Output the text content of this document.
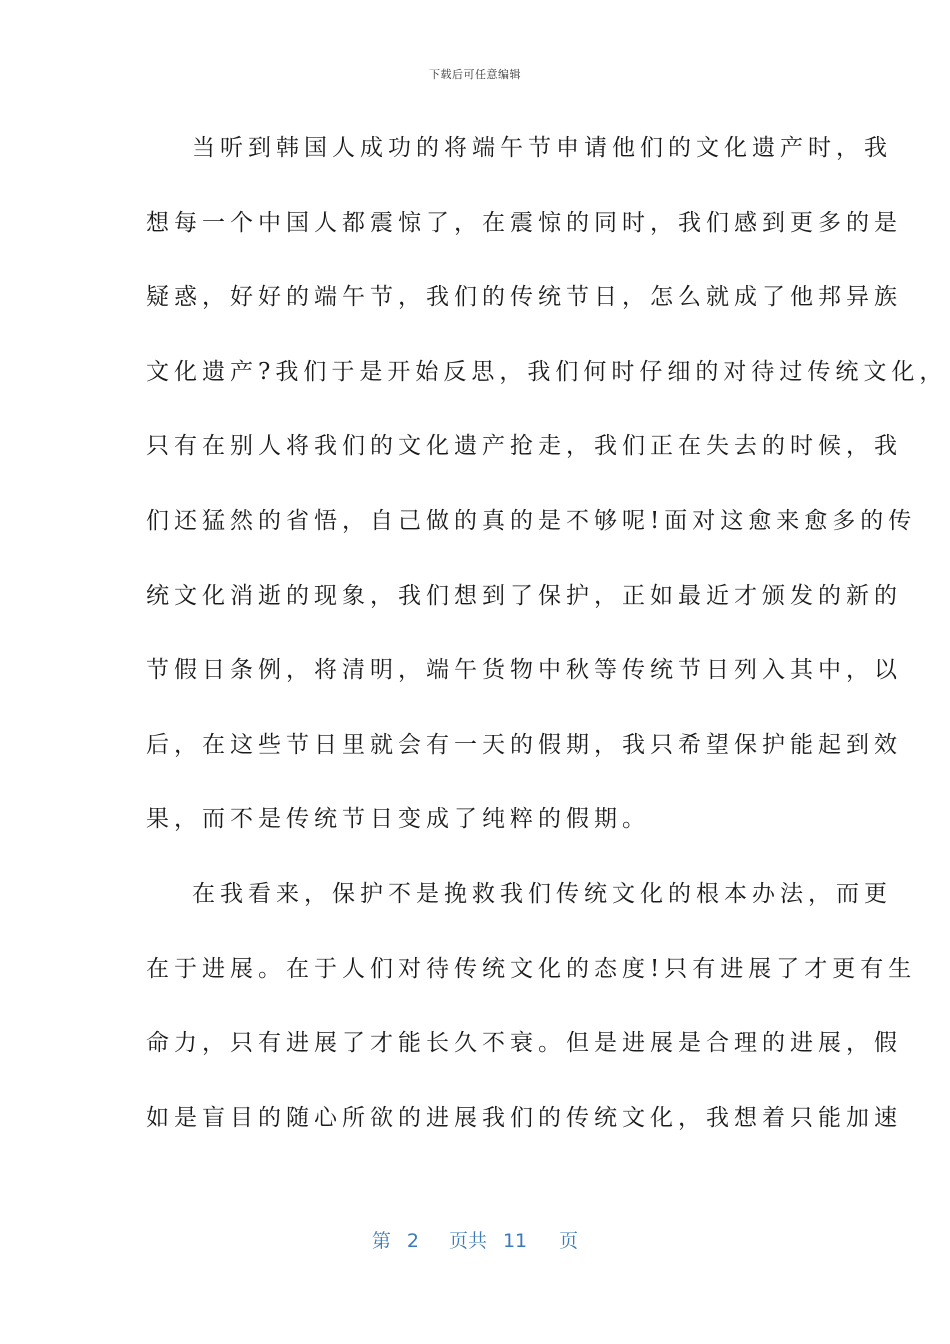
下载后可任意编辑
当听到韩国人成功的将端午节申请他们的文化遗产时，我
想每一个中国人都震惊了，在震惊的同时，我们感到更多的是
疑惑，好好的端午节，我们的传统节日，怎么就成了他邦异族
文化遗产?我们于是开始反思，我们何时仔细的对待过传统文化，
只有在别人将我们的文化遗产抢走，我们正在失去的时候，我
们还猛然的省悟，自己做的真的是不够呢!面对这愈来愈多的传
统文化消逝的现象，我们想到了保护，正如最近才颁发的新的
节假日条例，将清明，端午货物中秋等传统节日列入其中，以
后，在这些节日里就会有一天的假期，我只希望保护能起到效
果，而不是传统节日变成了纯粹的假期。
在我看来，保护不是挽救我们传统文化的根本办法，而更
在于进展。在于人们对待传统文化的态度!只有进展了才更有生
命力，只有进展了才能长久不衰。但是进展是合理的进展，假
如是盲目的随心所欲的进展我们的传统文化，我想着只能加速
第 2 页共 11 页
